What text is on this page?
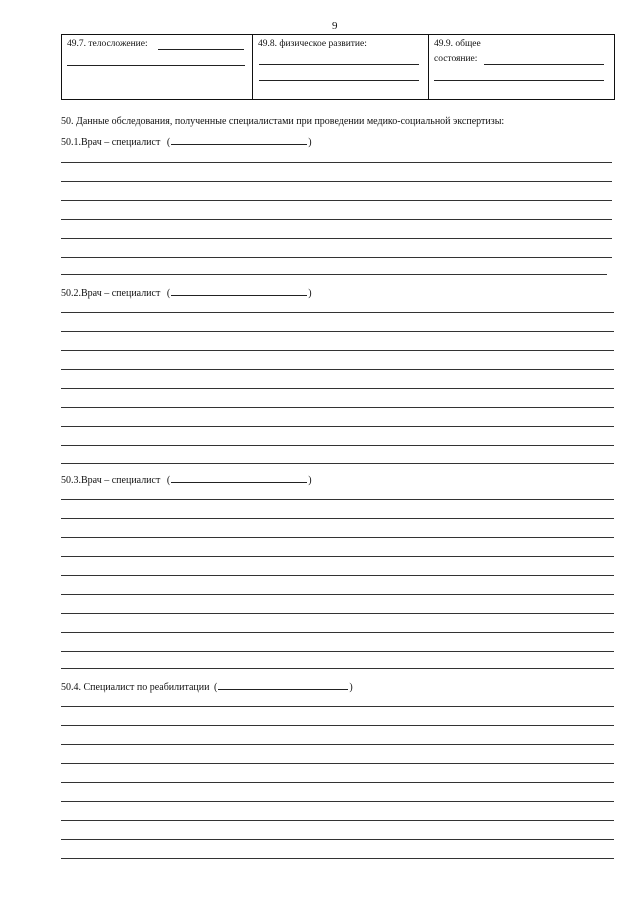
9
49.7. телосложение:	49.8. физическое развитие:	49.9. общее
состояние:
50. Данные обследования, полученные специалистами при проведении медико-социальной экспертизы:
50.1.Врач – специалист (	)
50.2.Врач – специалист (	)
50.3.Врач – специалист (	)
50.4. Специалист по реабилитации (	)
